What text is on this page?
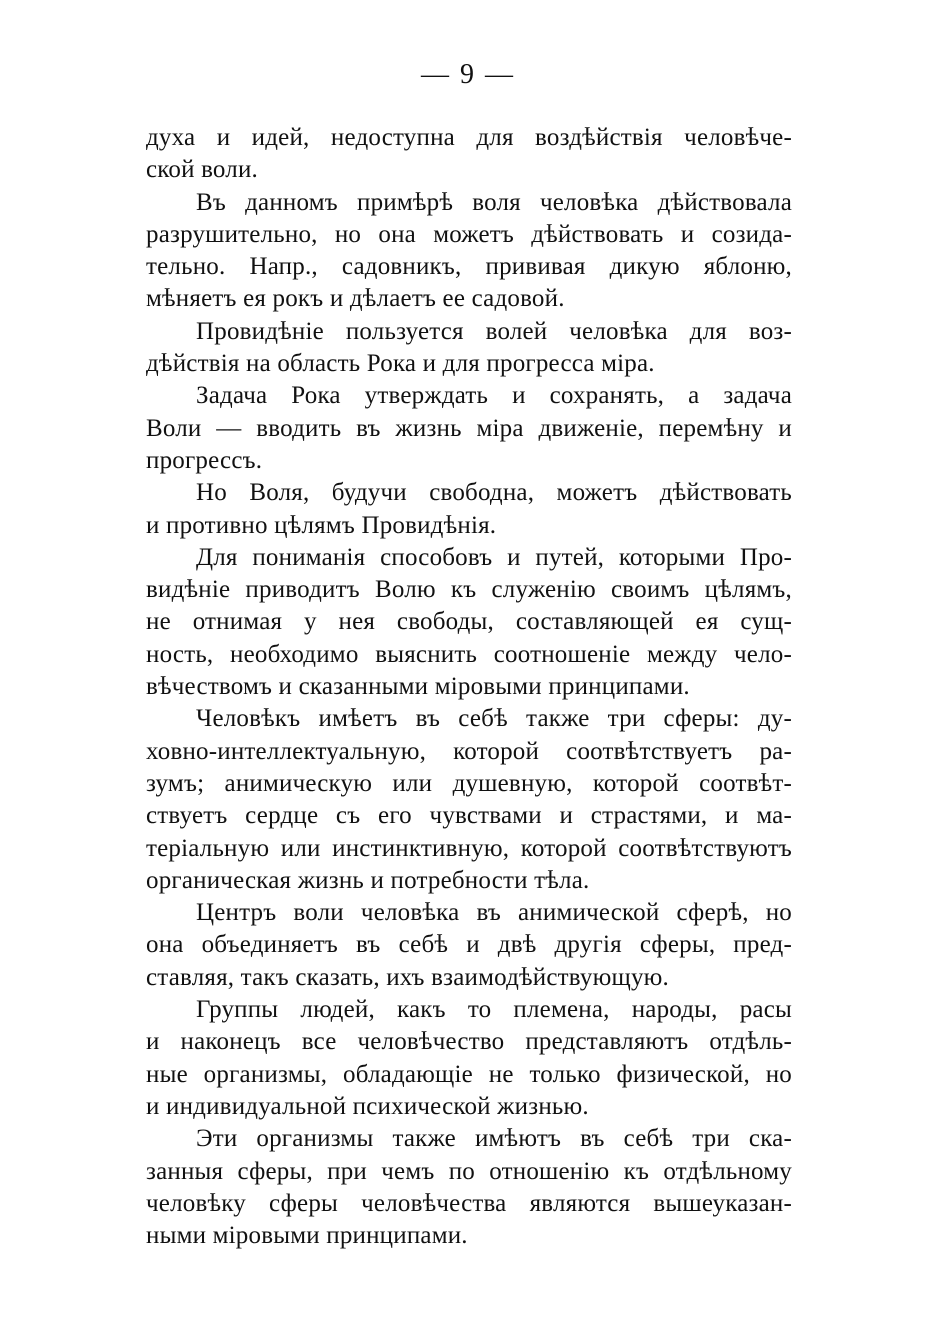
— 9 —
духа и идей, недоступна для воздѣйствія человѣче-
ской воли.
Въ данномъ примѣрѣ воля человѣка дѣйствовала
разрушительно, но она можетъ дѣйствовать и созида-
тельно. Напр., садовникъ, прививая дикую яблоню,
мѣняетъ ея рокъ и дѣлаетъ ее садовой.
Провидѣніе пользуется волей человѣка для воз-
дѣйствія на область Рока и для прогресса міра.
Задача Рока утверждать и сохранять, а задача
Воли — вводить въ жизнь міра движеніе, перемѣну и
прогрессъ.
Но Воля, будучи свободна, можетъ дѣйствовать
и противно цѣлямъ Провидѣнія.
Для пониманія способовъ и путей, которыми Про-
видѣніе приводитъ Волю къ служенію своимъ цѣлямъ,
не отнимая у нея свободы, составляющей ея сущ-
ность, необходимо выяснить соотношеніе между чело-
вѣчествомъ и сказанными міровыми принципами.
Человѣкъ имѣетъ въ себѣ также три сферы: ду-
ховно-интеллектуальную, которой соотвѣтствуетъ ра-
зумъ; анимическую или душевную, которой соотвѣт-
ствуетъ сердце съ его чувствами и страстями, и ма-
теріальную или инстинктивную, которой соотвѣтствуютъ
органическая жизнь и потребности тѣла.
Центръ воли человѣка въ анимической сферѣ, но
она объединяетъ въ себѣ и двѣ другія сферы, пред-
ставляя, такъ сказать, ихъ взаимодѣйствующую.
Группы людей, какъ то племена, народы, расы
и наконецъ все человѣчество представляютъ отдѣль-
ные организмы, обладающіе не только физической, но
и индивидуальной психической жизнью.
Эти организмы также имѣютъ въ себѣ три ска-
занныя сферы, при чемъ по отношенію къ отдѣльному
человѣку сферы человѣчества являются вышеуказан-
ными міровыми принципами.
